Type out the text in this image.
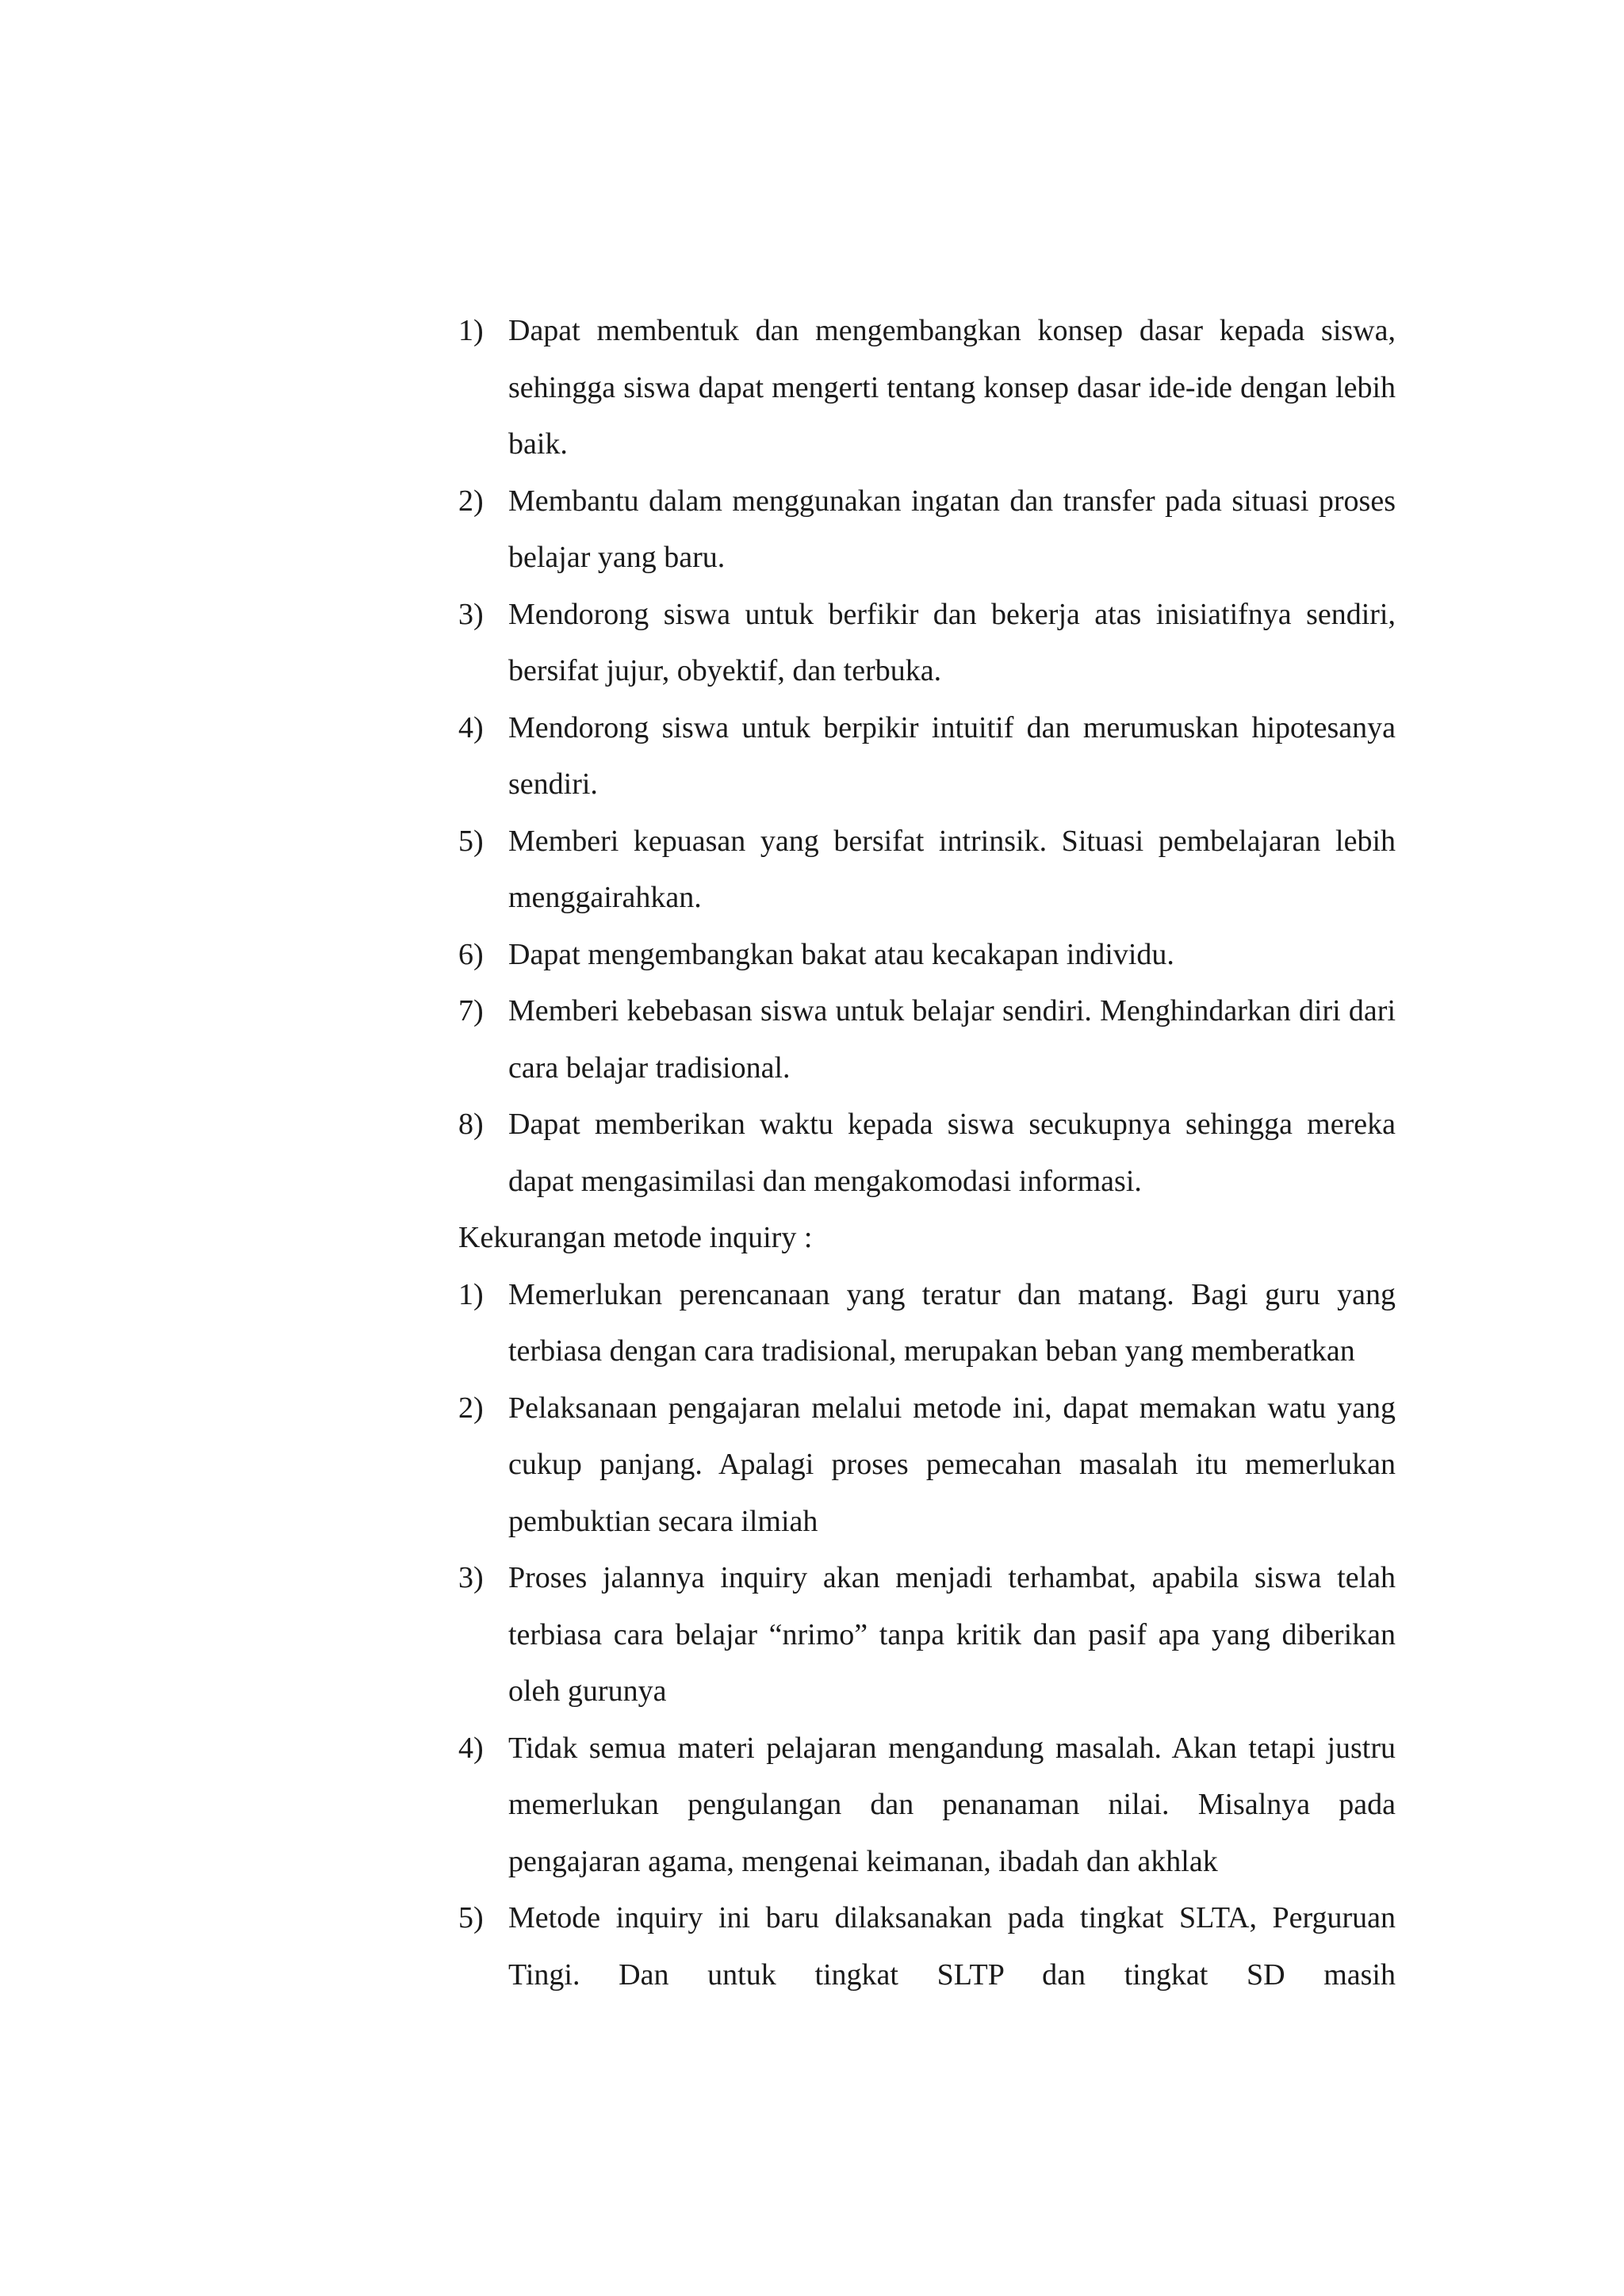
1) Dapat membentuk dan mengembangkan konsep dasar kepada siswa, sehingga siswa dapat mengerti tentang konsep dasar ide-ide dengan lebih baik.
2) Membantu dalam menggunakan ingatan dan transfer pada situasi proses belajar yang baru.
3) Mendorong siswa untuk berfikir dan bekerja atas inisiatifnya sendiri, bersifat jujur, obyektif, dan terbuka.
4) Mendorong siswa untuk berpikir intuitif dan merumuskan hipotesanya sendiri.
5) Memberi kepuasan yang bersifat intrinsik. Situasi pembelajaran lebih menggairahkan.
6) Dapat mengembangkan bakat atau kecakapan individu.
7) Memberi kebebasan siswa untuk belajar sendiri. Menghindarkan diri dari cara belajar tradisional.
8) Dapat memberikan waktu kepada siswa secukupnya sehingga mereka dapat mengasimilasi dan mengakomodasi informasi.
Kekurangan metode inquiry :
1) Memerlukan perencanaan yang teratur dan matang. Bagi guru yang terbiasa dengan cara tradisional, merupakan beban yang memberatkan
2) Pelaksanaan pengajaran melalui metode ini, dapat memakan watu yang cukup panjang. Apalagi proses pemecahan masalah itu memerlukan pembuktian secara ilmiah
3) Proses jalannya inquiry akan menjadi terhambat, apabila siswa telah terbiasa cara belajar “nrimo” tanpa kritik dan pasif apa yang diberikan oleh gurunya
4) Tidak semua materi pelajaran mengandung masalah. Akan tetapi justru memerlukan pengulangan dan penanaman nilai. Misalnya pada pengajaran agama, mengenai keimanan, ibadah dan akhlak
5) Metode inquiry ini baru dilaksanakan pada tingkat SLTA, Perguruan Tingi. Dan untuk tingkat SLTP dan tingkat SD masih
